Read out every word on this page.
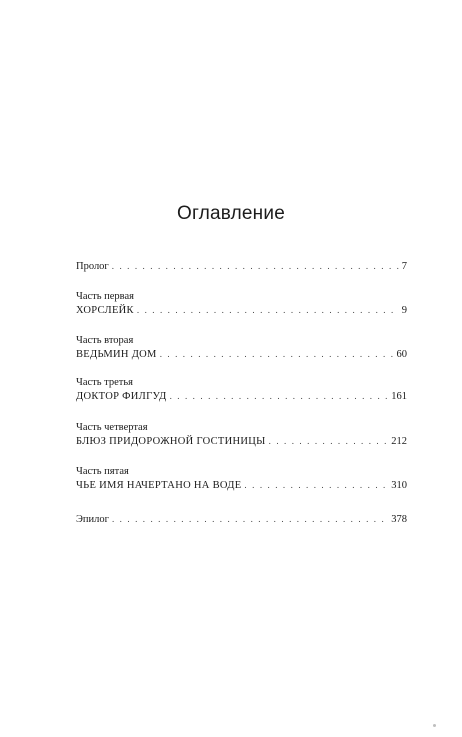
Оглавление
Пролог . . .	7
Часть первая
ХОРСЛЕЙК . . .	9
Часть вторая
ВЕДЬМИН ДОМ . . .	60
Часть третья
ДОКТОР ФИЛГУД . . .	161
Часть четвертая
БЛЮЗ ПРИДОРОЖНОЙ ГОСТИНИЦЫ . . .	212
Часть пятая
ЧЬЕ ИМЯ НАЧЕРТАНО НА ВОДЕ . . .	310
Эпилог . . .	378
